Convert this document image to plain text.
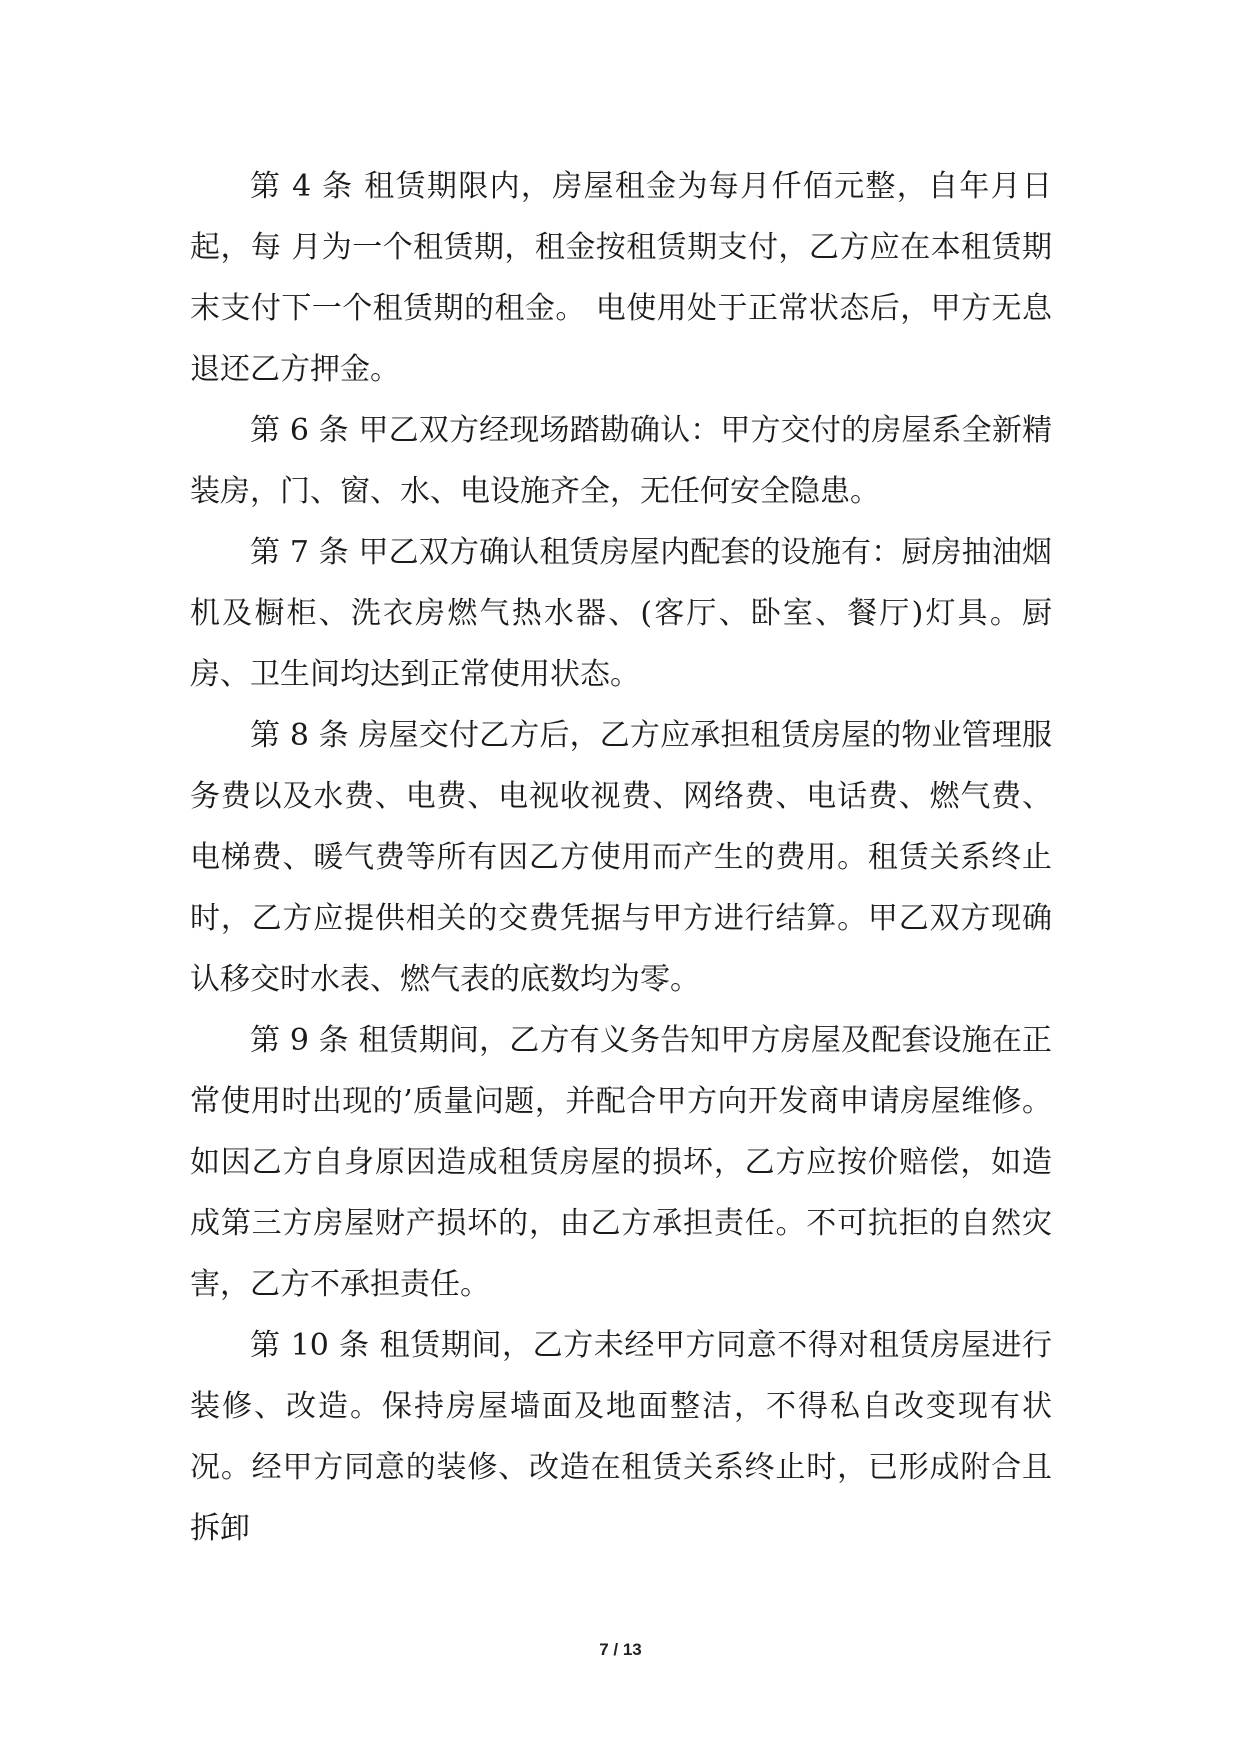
第 4 条 租赁期限内，房屋租金为每月仟佰元整，自年月日起，每 月为一个租赁期，租金按租赁期支付，乙方应在本租赁期末支付下一个租赁期的租金。 电使用处于正常状态后，甲方无息退还乙方押金。

第 6 条 甲乙双方经现场踏勘确认：甲方交付的房屋系全新精装房，门、窗、水、电设施齐全，无任何安全隐患。

第 7 条 甲乙双方确认租赁房屋内配套的设施有：厨房抽油烟机及橱柜、洗衣房燃气热水器、(客厅、卧室、餐厅)灯具。厨房、卫生间均达到正常使用状态。

第 8 条 房屋交付乙方后，乙方应承担租赁房屋的物业管理服务费以及水费、电费、电视收视费、网络费、电话费、燃气费、电梯费、暖气费等所有因乙方使用而产生的费用。租赁关系终止时，乙方应提供相关的交费凭据与甲方进行结算。甲乙双方现确认移交时水表、燃气表的底数均为零。

第 9 条 租赁期间，乙方有义务告知甲方房屋及配套设施在正常使用时出现的’质量问题，并配合甲方向开发商申请房屋维修。如因乙方自身原因造成租赁房屋的损坏，乙方应按价赔偿，如造成第三方房屋财产损坏的，由乙方承担责任。不可抗拒的自然灾害，乙方不承担责任。

第 10 条 租赁期间，乙方未经甲方同意不得对租赁房屋进行装修、改造。保持房屋墙面及地面整洁，不得私自改变现有状况。经甲方同意的装修、改造在租赁关系终止时，已形成附合且拆卸

7 / 13
